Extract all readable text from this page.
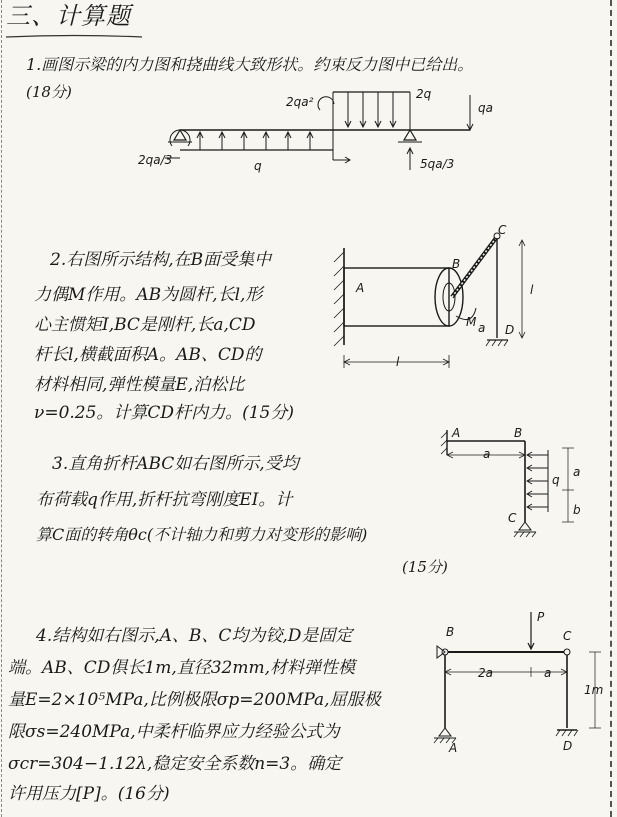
三、计算题
1.画图示梁的内力图和挠曲线大致形状。约束反力图中已给出。
(18分)
2qa²
2q
qa
2qa/3	q	5qa/3
2.右图所示结构,在B面受集中
力偶M作用。AB为圆杆,长l,形
心主惯矩I,BC是刚杆,长a,CD
杆长l,横截面积A。AB、CD的
材料相同,弹性模量E,泊松比
ν=0.25。计算CD杆内力。(15分)
A
B
C
D
M a
l
l
3.直角折杆ABC如右图所示,受均
布荷载q作用,折杆抗弯刚度EI。计
算C面的转角θc(不计轴力和剪力对变形的影响)
(15分)
A	B
C
q
a
a
b
4.结构如右图示,A、B、C均为铰,D是固定
端。AB、CD俱长1m,直径32mm,材料弹性模
量E=2×10⁵MPa,比例极限σp=200MPa,屈服极
限σs=240MPa,中柔杆临界应力经验公式为
σcr=304−1.12λ,稳定安全系数n=3。确定
许用压力[P]。(16分)
B	C
A	D
P
2a	a
1m
